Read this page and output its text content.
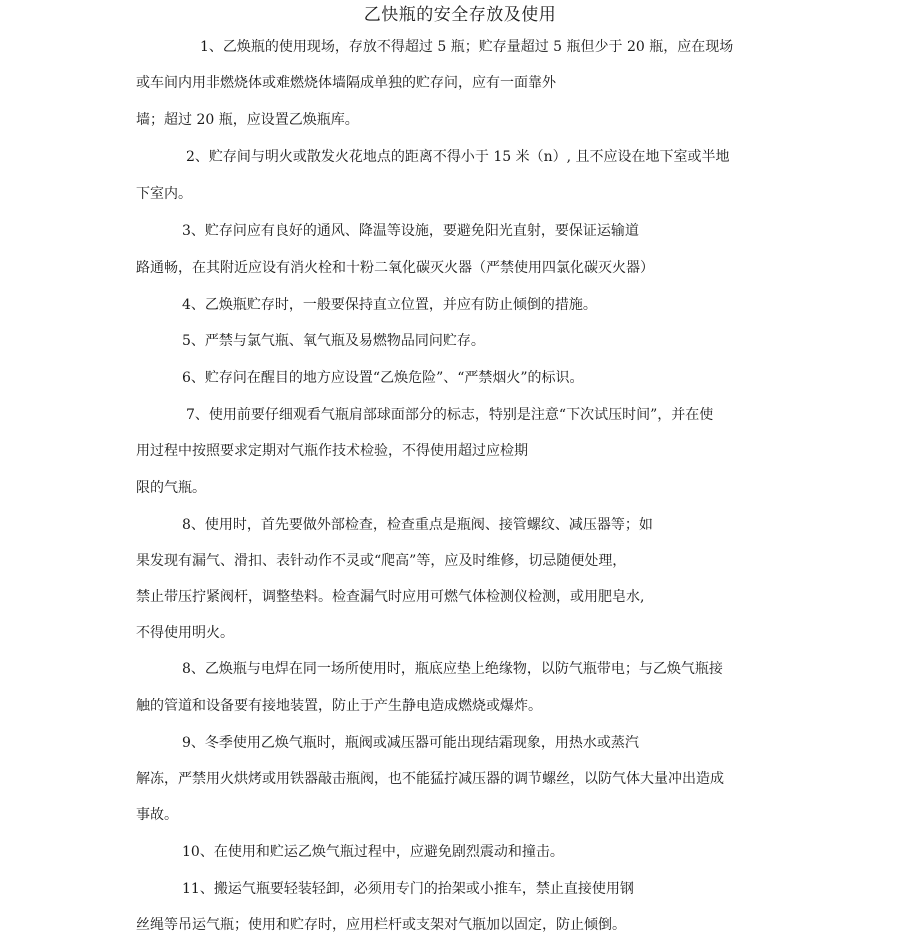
乙快瓶的安全存放及使用
1、乙焕瓶的使用现场，存放不得超过 5 瓶；贮存量超过 5 瓶但少于 20 瓶，应在现场
或车间内用非燃烧体或难燃烧体墙隔成单独的贮存问，应有一面靠外
墙；超过 20 瓶，应设置乙焕瓶库。
2、贮存间与明火或散发火花地点的距离不得小于 15 米（n）, 且不应设在地下室或半地
下室内。
3、贮存问应有良好的通风、降温等设施，要避免阳光直射，要保证运输道
路通畅，在其附近应设有消火栓和十粉二氧化碳灭火器（严禁使用四氯化碳灭火器）
4、乙焕瓶贮存时，一般要保持直立位置，并应有防止倾倒的措施。
5、严禁与氯气瓶、氧气瓶及易燃物品同问贮存。
6、贮存问在醒目的地方应设置“乙焕危险”、“严禁烟火”的标识。
7、使用前要仔细观看气瓶肩部球面部分的标志，特别是注意“下次试压时间”，并在使
用过程中按照要求定期对气瓶作技术检验，不得使用超过应检期
限的气瓶。
8、使用时，首先要做外部检查，检查重点是瓶阀、接管螺纹、减压器等；如
果发现有漏气、滑扣、表针动作不灵或“爬高”等，应及时维修，切忌随便处理，
禁止带压拧紧阀杆，调整垫料。检查漏气时应用可燃气体检测仪检测，或用肥皂水,
不得使用明火。
8、乙焕瓶与电焊在同一场所使用时，瓶底应垫上绝缘物，以防气瓶带电；与乙焕气瓶接
触的管道和设备要有接地装置，防止于产生静电造成燃烧或爆炸。
9、冬季使用乙焕气瓶时，瓶阀或减压器可能出现结霜现象，用热水或蒸汽
解冻，严禁用火烘烤或用铁器敲击瓶阀，也不能猛拧减压器的调节螺丝，以防气体大量冲出造成
事故。
10、在使用和贮运乙焕气瓶过程中，应避免剧烈震动和撞击。
11、搬运气瓶要轻装轻卸，必须用专门的抬架或小推车，禁止直接使用钢
丝绳等吊运气瓶；使用和贮存时，应用栏杆或支架对气瓶加以固定，防止倾倒。
